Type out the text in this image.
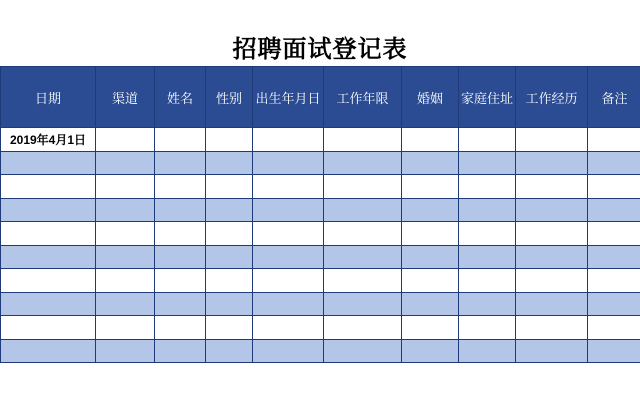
招聘面试登记表
日期	渠道	姓名	性别	出生年月日	工作年限	婚姻	家庭住址	工作经历	备注
2019年4月1日									
